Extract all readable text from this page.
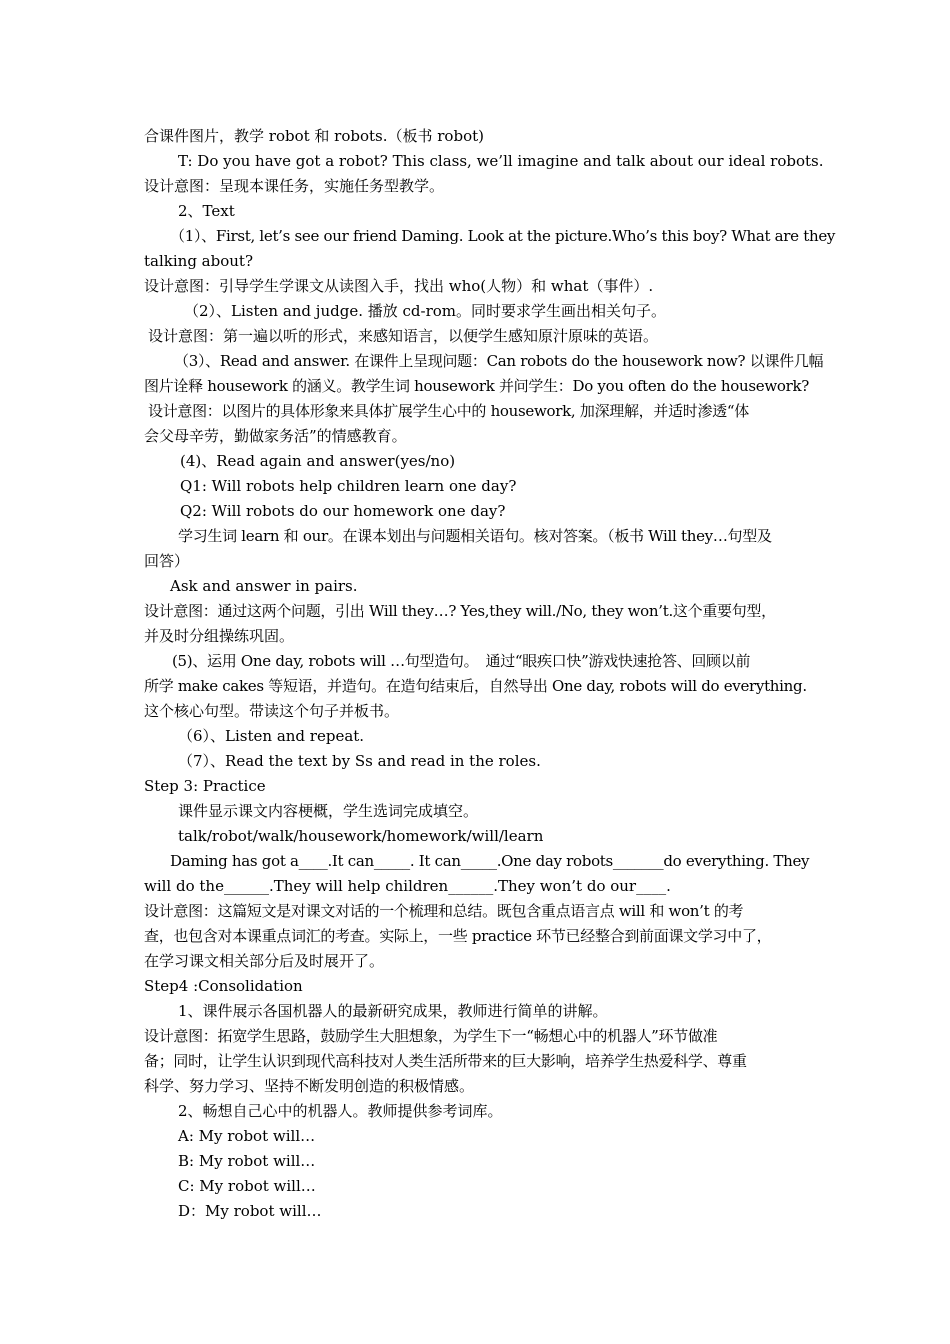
合课件图片，教学 robot 和 robots.（板书 robot)
T: Do you have got a robot? This class, we’ll imagine and talk about our ideal robots.
设计意图：呈现本课任务，实施任务型教学。
2、Text
（1）、First, let’s see our friend Daming. Look at the picture.Who’s this boy? What are they
talking about?
设计意图：引导学生学课文从读图入手，找出 who(人物）和 what（事件）.
（2）、Listen and judge. 播放 cd-rom。同时要求学生画出相关句子。
设计意图：第一遍以听的形式，来感知语言，以便学生感知原汁原味的英语。
（3）、Read and answer. 在课件上呈现问题：Can robots do the housework now? 以课件几幅
图片诠释 housework 的涵义。教学生词 housework 并问学生：Do you often do the housework?
设计意图：以图片的具体形象来具体扩展学生心中的 housework, 加深理解，并适时渗透“体
会父母辛劳，勤做家务活”的情感教育。
(4)、Read again and answer(yes/no)
Q1: Will robots help children learn one day?
Q2: Will robots do our homework one day?
学习生词 learn 和 our。在课本划出与问题相关语句。核对答案。（板书 Will they…句型及
回答）
Ask and answer in pairs.
设计意图：通过这两个问题，引出 Will they…? Yes,they will./No, they won’t.这个重要句型，
并及时分组操练巩固。
(5)、运用 One day, robots will …句型造句。　通过“眼疾口快”游戏快速抢答、回顾以前
所学 make cakes 等短语，并造句。在造句结束后，自然导出 One day, robots will do everything.
这个核心句型。带读这个句子并板书。
（6）、Listen and repeat.
（7）、Read the text by Ss and read in the roles.
Step 3: Practice
课件显示课文内容梗概，学生选词完成填空。
talk/robot/walk/housework/homework/will/learn
Daming has got a____.It can_____. It can_____.One day robots_______do everything. They
will do the______.They will help children______.They won’t do our____.
设计意图：这篇短文是对课文对话的一个梳理和总结。既包含重点语言点 will 和 won’t 的考
查，也包含对本课重点词汇的考查。实际上，一些 practice 环节已经整合到前面课文学习中了，
在学习课文相关部分后及时展开了。
Step4 :Consolidation
1、课件展示各国机器人的最新研究成果，教师进行简单的讲解。
设计意图：拓宽学生思路，鼓励学生大胆想象，为学生下一“畅想心中的机器人”环节做准
备；同时，让学生认识到现代高科技对人类生活所带来的巨大影响，培养学生热爱科学、尊重
科学、努力学习、坚持不断发明创造的积极情感。
2、畅想自己心中的机器人。教师提供参考词库。
A: My robot will…
B: My robot will…
C: My robot will…
D：My robot will…
